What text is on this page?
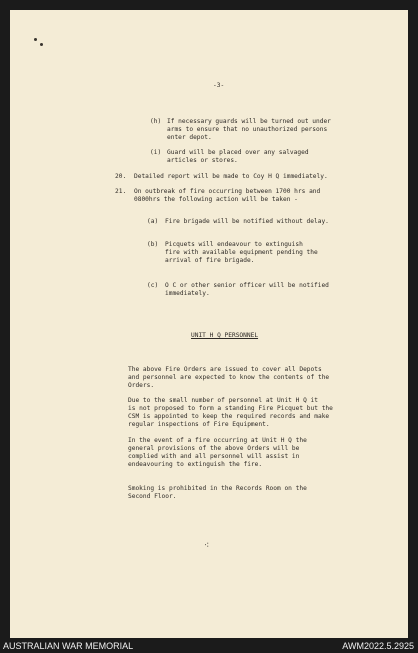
-3-
(h) If necessary guards will be turned out under
arms to ensure that no unauthorized persons
enter depot.
(i) Guard will be placed over any salvaged
articles or stores.
20. Detailed report will be made to Coy H Q immediately.
21. On outbreak of fire occurring between 1700 hrs and
0800hrs the following action will be taken -
(a) Fire brigade will be notified without delay.
(b) Picquets will endeavour to extinguish
fire with available equipment pending the
arrival of fire brigade.
(c) O C or other senior officer will be notified
immediately.
UNIT H Q PERSONNEL
The above Fire Orders are issued to cover all Depots
and personnel are expected to know the contents of the
Orders.
Due to the small number of personnel at Unit H Q it
is not proposed to form a standing Fire Picquet but the
CSM is appointed to keep the required records and make
regular inspections of Fire Equipment.
In the event of a fire occurring at Unit H Q the
general provisions of the above Orders will be
complied with and all personnel will assist in
endeavouring to extinguish the fire.
Smoking is prohibited in the Records Room on the
Second Floor.
⁖
AUSTRALIAN WAR MEMORIAL	AWM2022.5.2925
